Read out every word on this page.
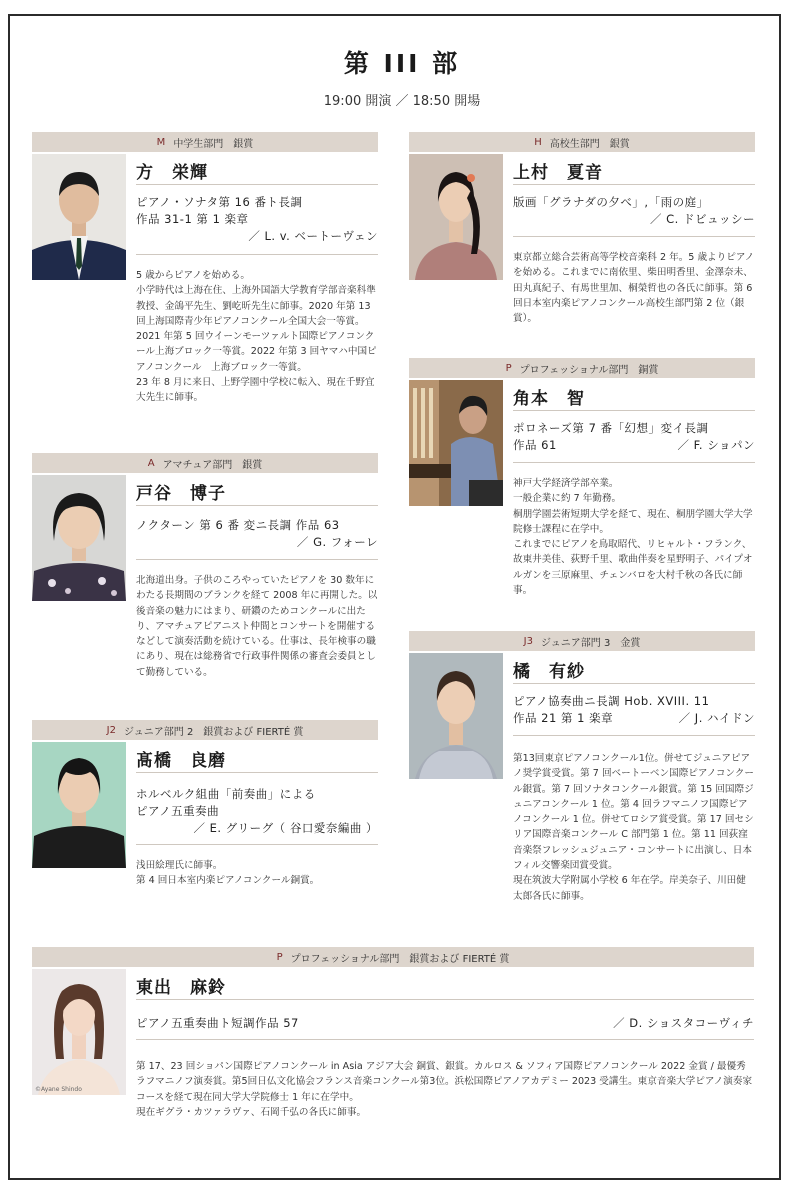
第 III 部
19:00 開演 ／ 18:50 開場
M 中学生部門　銀賞
方　栄輝
ピアノ・ソナタ第 16 番ト長調
作品 31-1 第 1 楽章
／ L. v. ベートーヴェン
5 歳からピアノを始める。
小学時代は上海在住、上海外国語大学教育学部音楽科準教授、金鴿平先生、劉屹昕先生に師事。2020 年第 13 回上海国際青少年ピアノコンクール全国大会一等賞。2021 年第 5 回ウイーンモーツァルト国際ピアノコンクール上海ブロック一等賞。2022 年第 3 回ヤマハ中国ピアノコンクール　上海ブロック一等賞。
23 年 8 月に来日、上野学園中学校に転入、現在千野宜大先生に師事。
H 高校生部門　銀賞
上村　夏音
版画「グラナダの夕べ」,「雨の庭」
／ C. ドビュッシー
東京都立総合芸術高等学校音楽科 2 年。5 歳よりピアノを始める。これまでに南依里、柴田明香里、金澤奈未、田丸真紀子、有馬世里加、桐榮哲也の各氏に師事。第 6 回日本室内楽ピアノコンクール高校生部門第 2 位（銀賞）。
P プロフェッショナル部門　銅賞
角本　智
ポロネーズ第 7 番「幻想」変イ長調
作品 61	／ F. ショパン
神戸大学経済学部卒業。
一般企業に約 7 年勤務。
桐朋学園芸術短期大学を経て、現在、桐朋学園大学大学院修士課程に在学中。
これまでにピアノを鳥取昭代、リヒャルト・フランク、故東井美佳、荻野千里、歌曲伴奏を星野明子、パイプオルガンを三原麻里、チェンバロを大村千秋の各氏に師事。
A アマチュア部門　銀賞
戸谷　博子
ノクターン 第 6 番 変ニ長調 作品 63
／ G. フォーレ
北海道出身。子供のころやっていたピアノを 30 数年にわたる長期間のブランクを経て 2008 年に再開した。以後音楽の魅力にはまり、研鑽のためコンクールに出たり、アマチュアピアニスト仲間とコンサートを開催するなどして演奏活動を続けている。仕事は、長年検事の職にあり、現在は総務省で行政事件関係の審査会委員として勤務している。
J3 ジュニア部門 3　金賞
橘　有紗
ピアノ協奏曲ニ長調 Hob. XVIII. 11
作品 21 第 1 楽章	／ J. ハイドン
第13回東京ピアノコンクール1位。併せてジュニアピアノ奨学賞受賞。第 7 回ベートーベン国際ピアノコンクール銀賞。第 7 回ソナタコンクール銀賞。第 15 回国際ジュニアコンクール 1 位。第 4 回ラフマニノフ国際ピアノコンクール 1 位。併せてロシア賞受賞。第 17 回セシリア国際音楽コンクール C 部門第 1 位。第 11 回荻窪音楽祭フレッシュジュニア・コンサートに出演し、日本フィル交響楽団賞受賞。
現在筑波大学附属小学校 6 年在学。岸美奈子、川田健太郎各氏に師事。
J2 ジュニア部門 2　銀賞および FIERTÉ 賞
髙橋　良磨
ホルベルク組曲「前奏曲」による
ピアノ五重奏曲
／ E. グリーグ（ 谷口愛奈編曲 ）
浅田絵理氏に師事。
第 4 回日本室内楽ピアノコンクール銅賞。
P プロフェッショナル部門　銀賞および FIERTÉ 賞
©Ayane Shindo
東出　麻鈴
ピアノ五重奏曲ト短調作品 57	／ D. ショスタコーヴィチ
第 17、23 回ショパン国際ピアノコンクール in Asia アジア大会 銅賞、銀賞。カルロス & ソフィア国際ピアノコンクール 2022 金賞 / 最優秀ラフマニノフ演奏賞。第5回日仏文化協会フランス音楽コンクール第3位。浜松国際ピアノアカデミー 2023 受講生。東京音楽大学ピアノ演奏家コースを経て現在同大学大学院修士 1 年に在学中。
現在ギグラ・カツァラヴァ、石岡千弘の各氏に師事。
